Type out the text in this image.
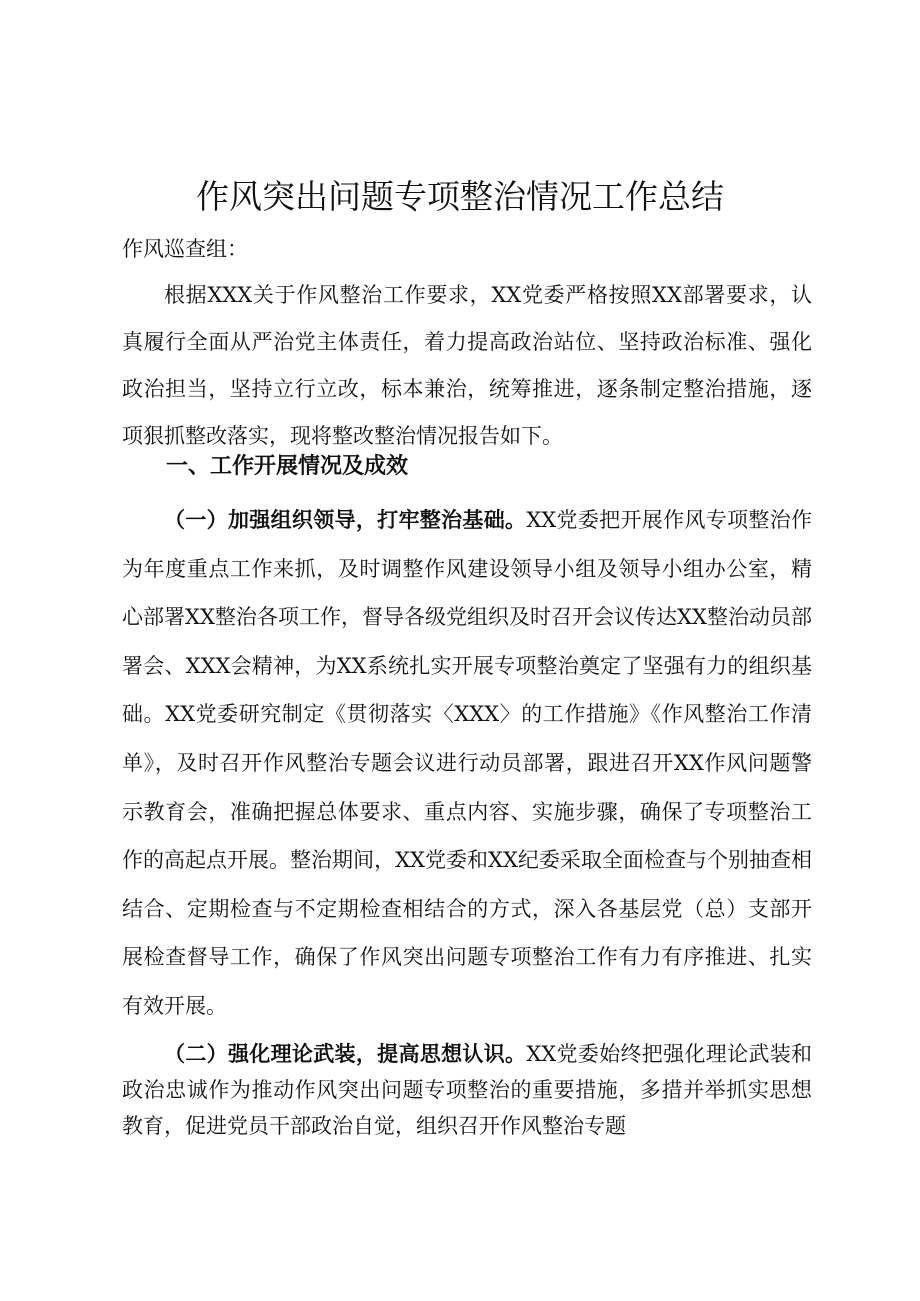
作风突出问题专项整治情况工作总结

作风巡查组：

根据XXX关于作风整治工作要求，XX党委严格按照XX部署要求，认真履行全面从严治党主体责任，着力提高政治站位、坚持政治标准、强化政治担当，坚持立行立改，标本兼治，统筹推进，逐条制定整治措施，逐项狠抓整改落实，现将整改整治情况报告如下。

一、工作开展情况及成效

（一）加强组织领导，打牢整治基础。XX党委把开展作风专项整治作为年度重点工作来抓，及时调整作风建设领导小组及领导小组办公室，精心部署XX整治各项工作，督导各级党组织及时召开会议传达XX整治动员部署会、XXX会精神，为XX系统扎实开展专项整治奠定了坚强有力的组织基础。XX党委研究制定《贯彻落实〈XXX〉的工作措施》《作风整治工作清单》，及时召开作风整治专题会议进行动员部署，跟进召开XX作风问题警示教育会，准确把握总体要求、重点内容、实施步骤，确保了专项整治工作的高起点开展。整治期间，XX党委和XX纪委采取全面检查与个别抽查相结合、定期检查与不定期检查相结合的方式，深入各基层党（总）支部开展检查督导工作，确保了作风突出问题专项整治工作有力有序推进、扎实有效开展。

（二）强化理论武装，提高思想认识。XX党委始终把强化理论武装和政治忠诚作为推动作风突出问题专项整治的重要措施，多措并举抓实思想教育，促进党员干部政治自觉，组织召开作风整治专题
